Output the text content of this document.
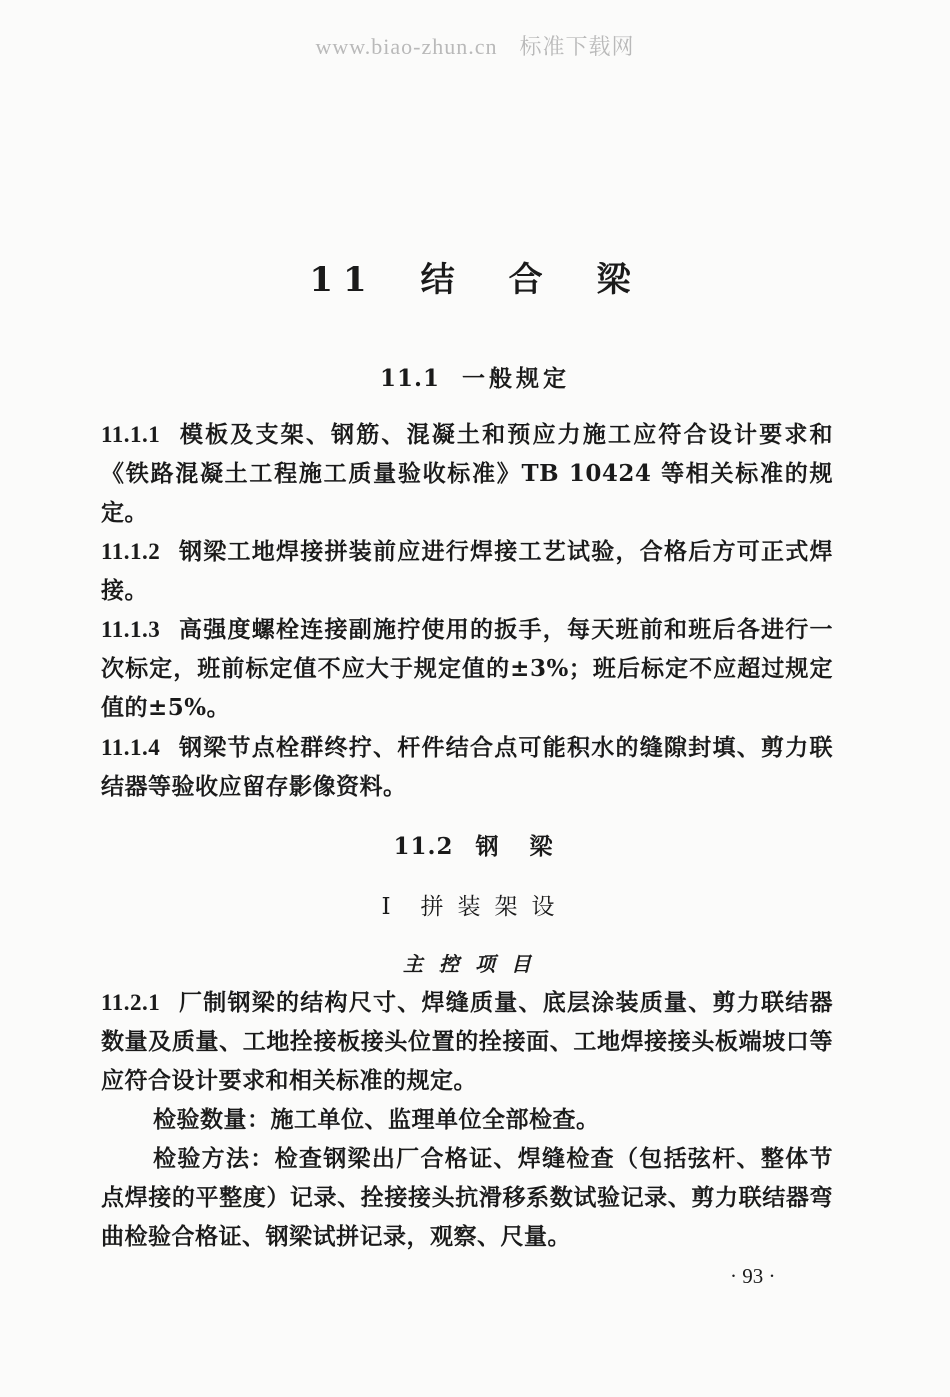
www.biao-zhun.cn 标准下载网
11　结　合　梁
11.1 一般规定
11.1.1 模板及支架、钢筋、混凝土和预应力施工应符合设计要求和《铁路混凝土工程施工质量验收标准》TB 10424 等相关标准的规定。
11.1.2 钢梁工地焊接拼装前应进行焊接工艺试验，合格后方可正式焊接。
11.1.3 高强度螺栓连接副施拧使用的扳手，每天班前和班后各进行一次标定，班前标定值不应大于规定值的±3%；班后标定不应超过规定值的±5%。
11.1.4 钢梁节点栓群终拧、杆件结合点可能积水的缝隙封填、剪力联结器等验收应留存影像资料。
11.2 钢　梁
Ⅰ 拼装架设
主控项目
11.2.1 厂制钢梁的结构尺寸、焊缝质量、底层涂装质量、剪力联结器数量及质量、工地拴接板接头位置的拴接面、工地焊接接头板端坡口等应符合设计要求和相关标准的规定。
检验数量：施工单位、监理单位全部检查。
检验方法：检查钢梁出厂合格证、焊缝检查（包括弦杆、整体节点焊接的平整度）记录、拴接接头抗滑移系数试验记录、剪力联结器弯曲检验合格证、钢梁试拼记录，观察、尺量。
· 93 ·
